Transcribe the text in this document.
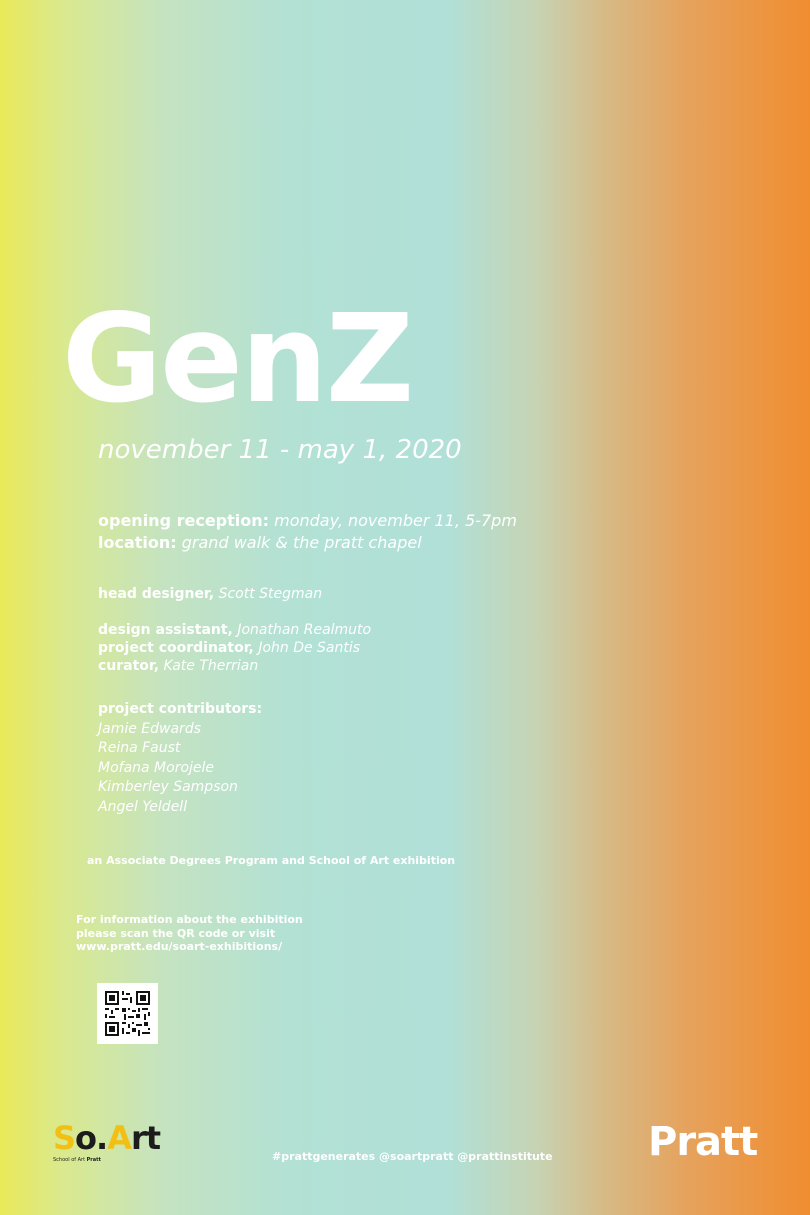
GenZ
november 11 - may 1, 2020
opening reception: monday, november 11, 5-7pm
location: grand walk & the pratt chapel
head designer, Scott Stegman
design assistant, Jonathan Realmuto
project coordinator, John De Santis
curator, Kate Therrian
project contributors:
Jamie Edwards
Reina Faust
Mofana Morojele
Kimberley Sampson
Angel Yeldell
an Associate Degrees Program and School of Art exhibition
For information about the exhibition
please scan the QR code or visit
www.pratt.edu/soart-exhibitions/
So.Art
School of Art Pratt	#prattgenerates @soartpratt @prattinstitute Pratt
